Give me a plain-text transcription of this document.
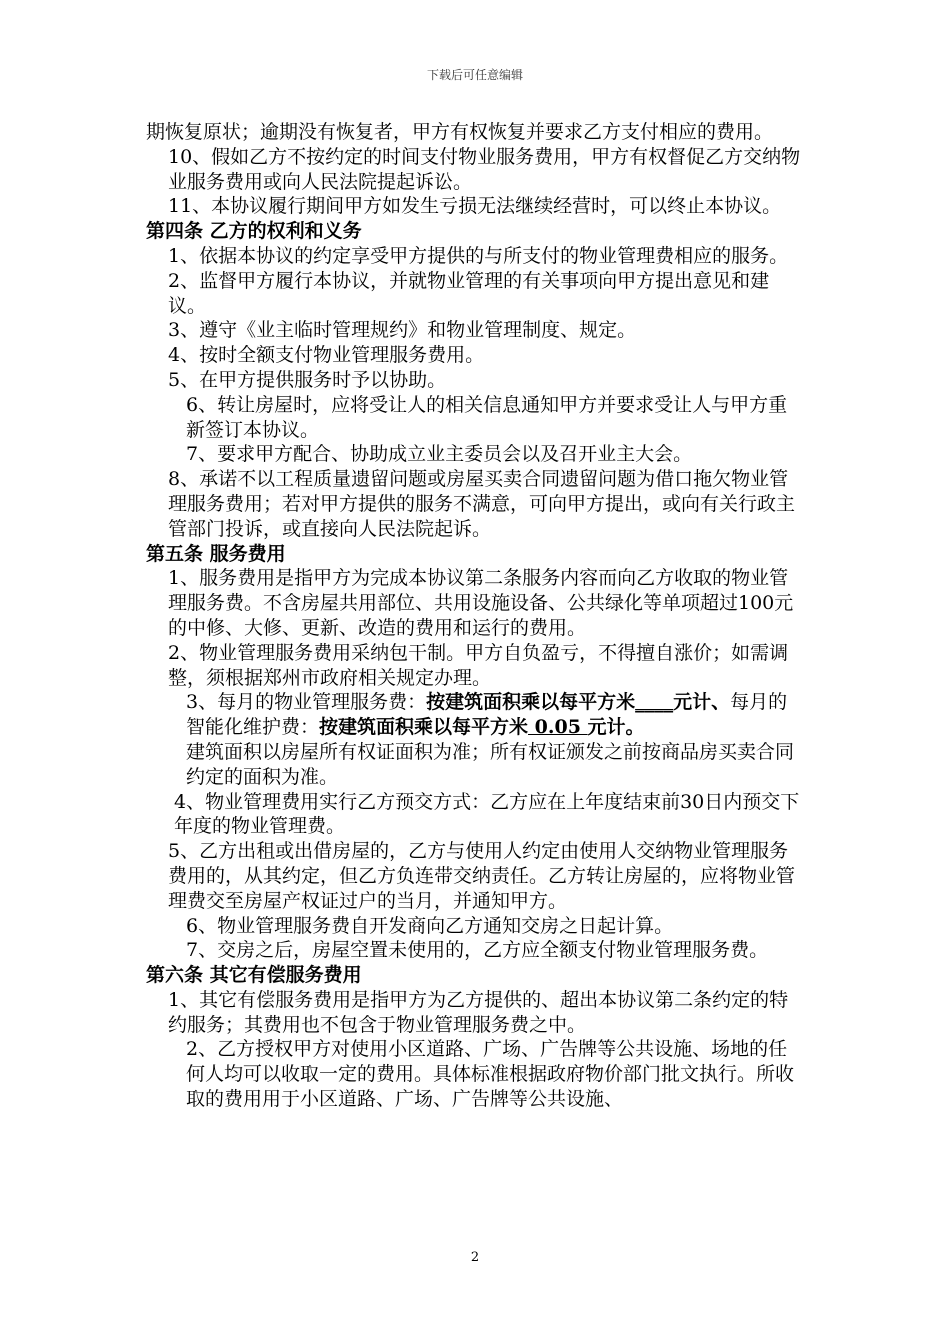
下载后可任意编辑

期恢复原状；逾期没有恢复者，甲方有权恢复并要求乙方支付相应的费用。

10、假如乙方不按约定的时间支付物业服务费用，甲方有权督促乙方交纳物业服务费用或向人民法院提起诉讼。

11、本协议履行期间甲方如发生亏损无法继续经营时，可以终止本协议。

第四条 乙方的权利和义务

1、依据本协议的约定享受甲方提供的与所支付的物业管理费相应的服务。

2、监督甲方履行本协议，并就物业管理的有关事项向甲方提出意见和建议。

3、遵守《业主临时管理规约》和物业管理制度、规定。

4、按时全额支付物业管理服务费用。

5、在甲方提供服务时予以协助。

6、转让房屋时，应将受让人的相关信息通知甲方并要求受让人与甲方重新签订本协议。

7、要求甲方配合、协助成立业主委员会以及召开业主大会。

8、承诺不以工程质量遗留问题或房屋买卖合同遗留问题为借口拖欠物业管理服务费用；若对甲方提供的服务不满意，可向甲方提出，或向有关行政主管部门投诉，或直接向人民法院起诉。

第五条 服务费用

1、服务费用是指甲方为完成本协议第二条服务内容而向乙方收取的物业管理服务费。不含房屋共用部位、共用设施设备、公共绿化等单项超过100元的中修、大修、更新、改造的费用和运行的费用。

2、物业管理服务费用采纳包干制。甲方自负盈亏，不得擅自涨价；如需调整，须根据郑州市政府相关规定办理。

3、每月的物业管理服务费：按建筑面积乘以每平方米____元计、每月的智能化维护费：按建筑面积乘以每平方米 0.05 元计。

建筑面积以房屋所有权证面积为准；所有权证颁发之前按商品房买卖合同约定的面积为准。

4、物业管理费用实行乙方预交方式：乙方应在上年度结束前30日内预交下年度的物业管理费。

5、乙方出租或出借房屋的，乙方与使用人约定由使用人交纳物业管理服务费用的，从其约定，但乙方负连带交纳责任。乙方转让房屋的，应将物业管理费交至房屋产权证过户的当月，并通知甲方。

6、物业管理服务费自开发商向乙方通知交房之日起计算。

7、交房之后，房屋空置未使用的，乙方应全额支付物业管理服务费。

第六条 其它有偿服务费用

1、其它有偿服务费用是指甲方为乙方提供的、超出本协议第二条约定的特约服务；其费用也不包含于物业管理服务费之中。

2、乙方授权甲方对使用小区道路、广场、广告牌等公共设施、场地的任何人均可以收取一定的费用。具体标准根据政府物价部门批文执行。所收取的费用用于小区道路、广场、广告牌等公共设施、

2
